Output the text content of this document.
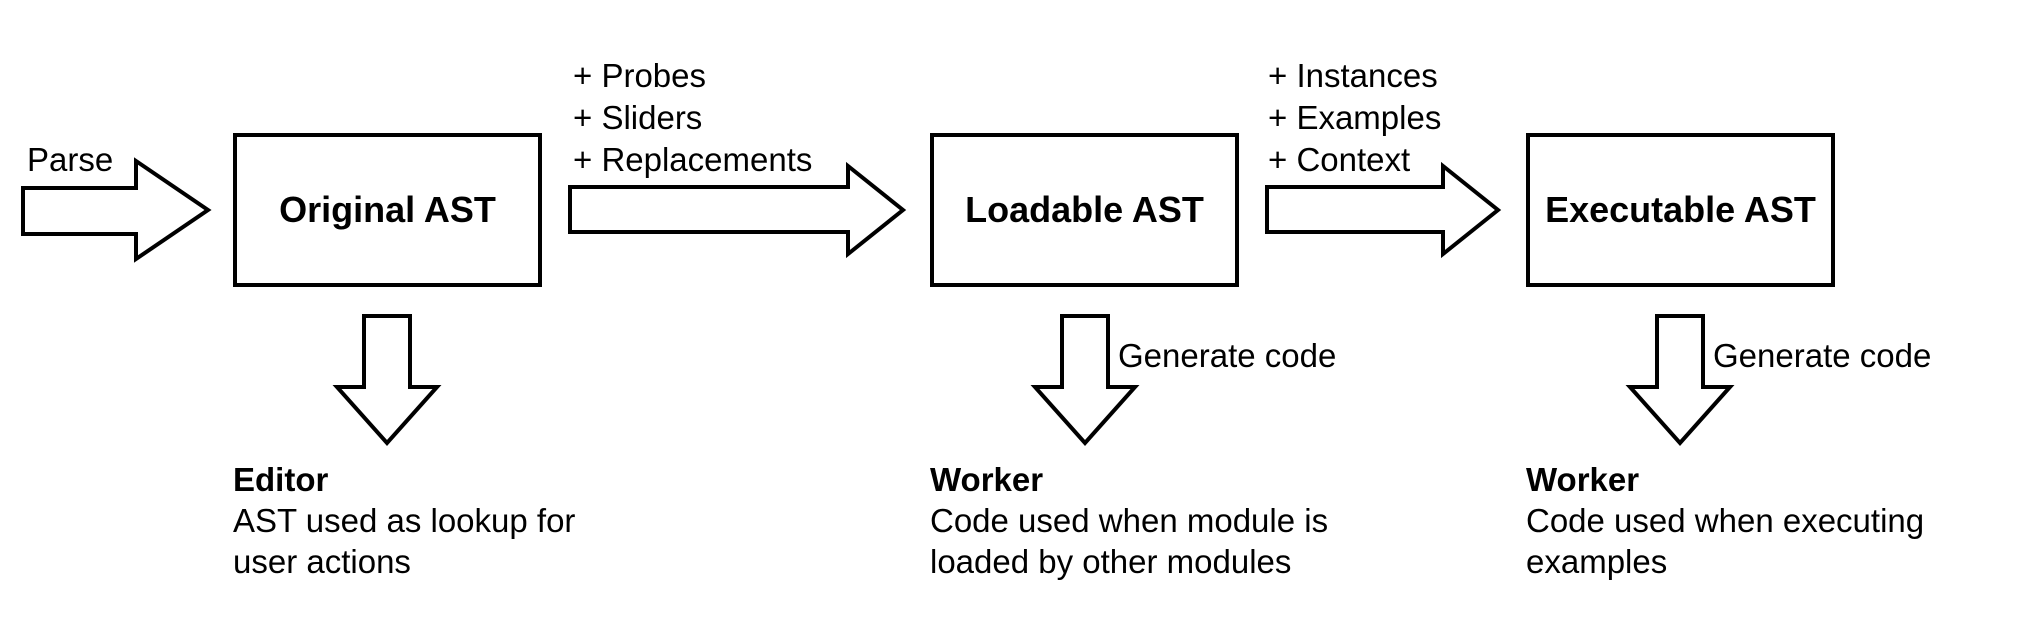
Parse
Original AST	Loadable AST	Executable AST
+ Probes
+ Sliders
+ Replacements
+ Instances
+ Examples
+ Context
Generate code	Generate code
Editor
AST used as lookup for
user actions
Worker
Code used when module is
loaded by other modules
Worker
Code used when executing
examples
